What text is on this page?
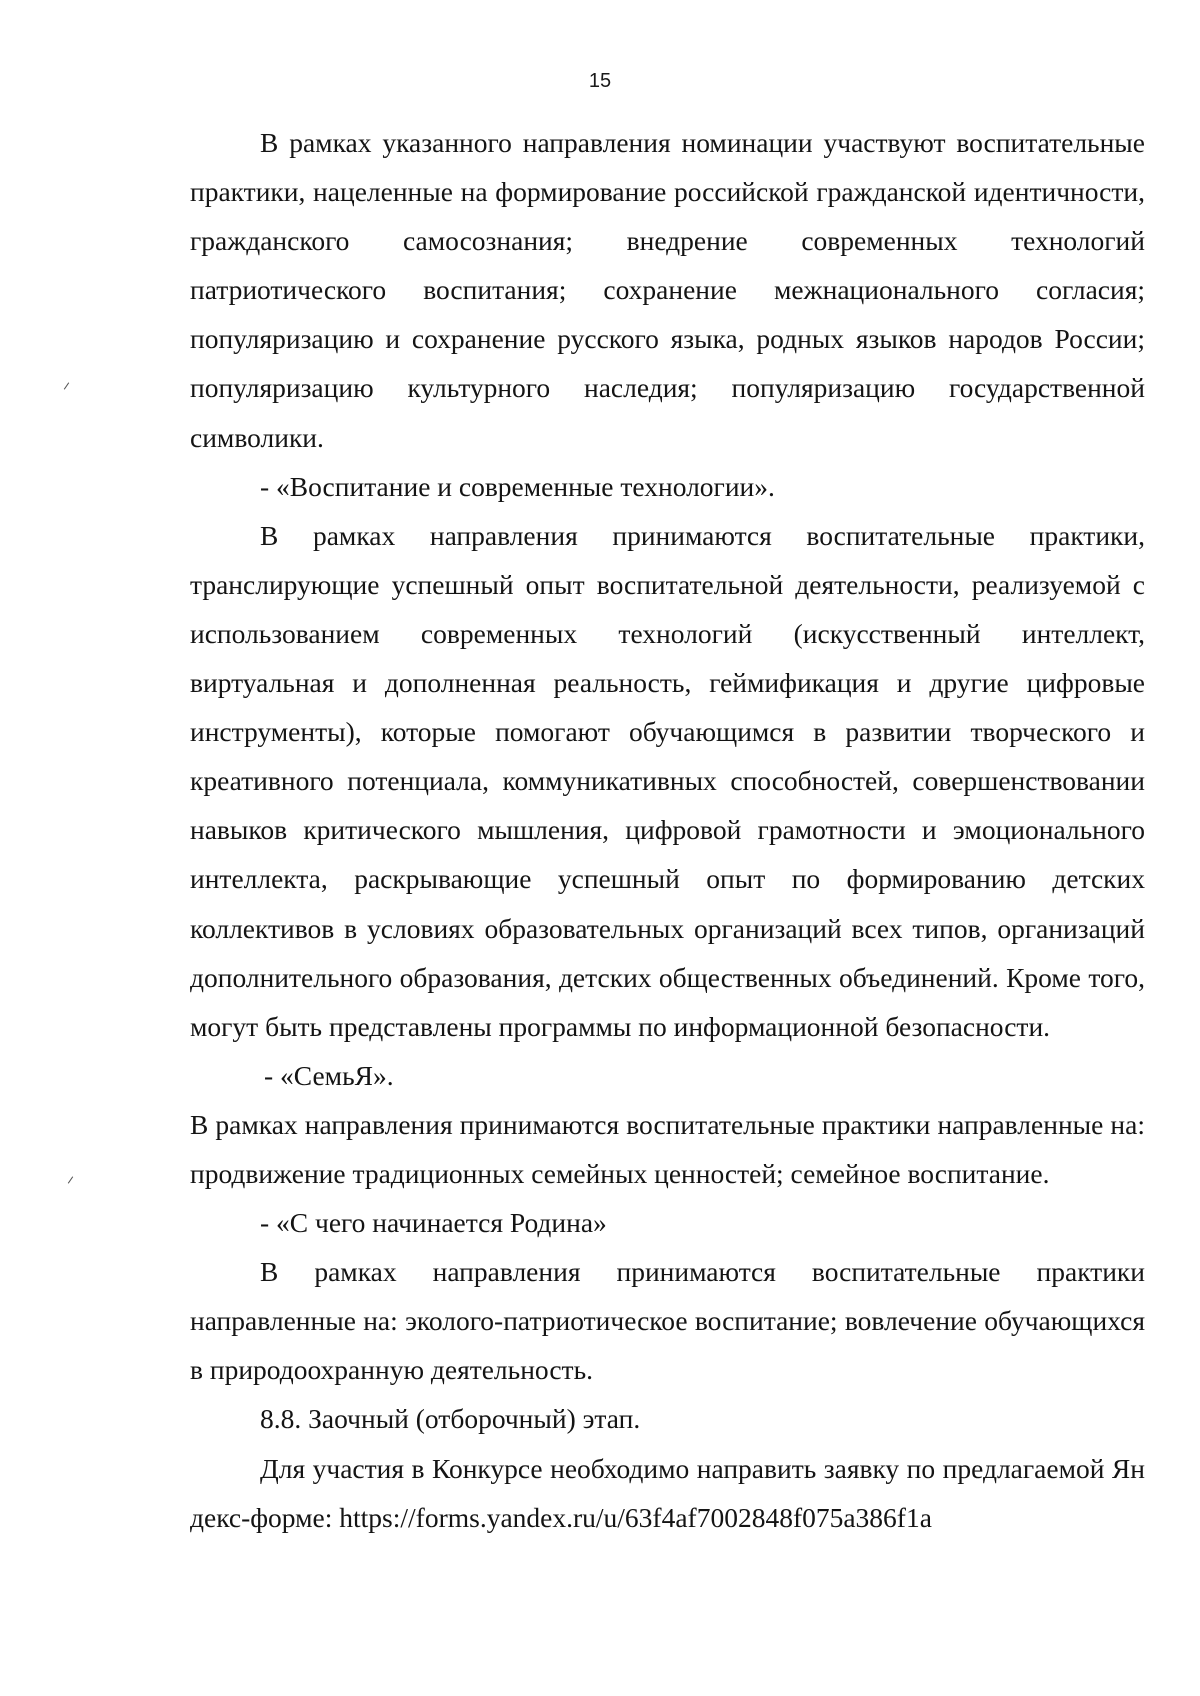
15

В рамках указанного направления номинации участвуют воспитательные практики, нацеленные на формирование российской гражданской идентичности, гражданского самосознания; внедрение современных технологий патриотического воспитания; сохранение межнационального согласия; популяризацию и сохранение русского языка, родных языков народов России; популяризацию культурного наследия; популяризацию государственной символики.

- «Воспитание и современные технологии».

В рамках направления принимаются воспитательные практики, транслирующие успешный опыт воспитательной деятельности, реализуемой с использованием современных технологий (искусственный интеллект, виртуальная и дополненная реальность, геймификация и другие цифровые инструменты), которые помогают обучающимся в развитии творческого и креативного потенциала, коммуникативных способностей, совершенствовании навыков критического мышления, цифровой грамотности и эмоционального интеллекта, раскрывающие успешный опыт по формированию детских коллективов в условиях образовательных организаций всех типов, организаций дополнительного образования, детских общественных объединений. Кроме того, могут быть представлены программы по информационной безопасности.

- «СемьЯ».

В рамках направления принимаются воспитательные практики направленные на: продвижение традиционных семейных ценностей; семейное воспитание.

- «С чего начинается Родина»

В рамках направления принимаются воспитательные практики направленные на: эколого-патриотическое воспитание; вовлечение обучающихся в природоохранную деятельность.

8.8. Заочный (отборочный) этап.

Для участия в Конкурсе необходимо направить заявку по предлагаемой Яндекс-форме: https://forms.yandex.ru/u/63f4af7002848f075a386f1a
